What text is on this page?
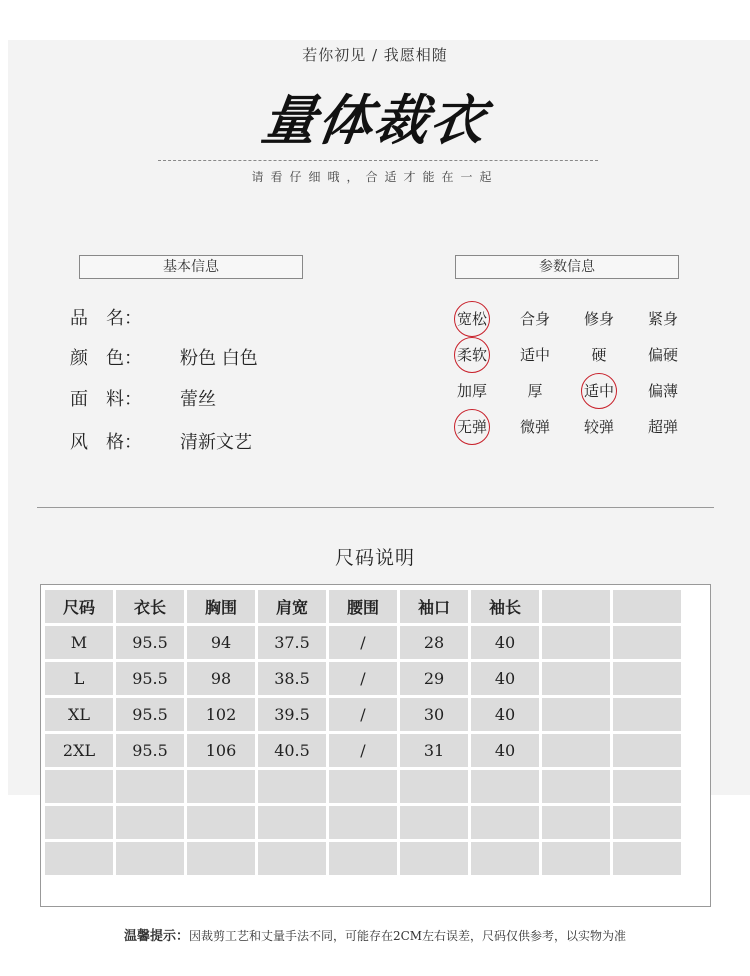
若你初见 / 我愿相随
量体裁衣
请看仔细哦，合适才能在一起
基本信息	参数信息
品　名：
颜　色： 粉色 白色
面　料： 蕾丝
风　格： 清新文艺
宽松	合身	修身	紧身
柔软	适中	硬	偏硬
加厚	厚	适中	偏薄
无弹	微弹	较弹	超弹
尺码说明
尺码	衣长	胸围	肩宽	腰围	袖口	袖长		
M	95.5	94	37.5	/	28	40		
L	95.5	98	38.5	/	29	40		
XL	95.5	102	39.5	/	30	40		
2XL	95.5	106	40.5	/	31	40		

温馨提示：因裁剪工艺和丈量手法不同，可能存在2CM左右误差，尺码仅供参考，以实物为准
